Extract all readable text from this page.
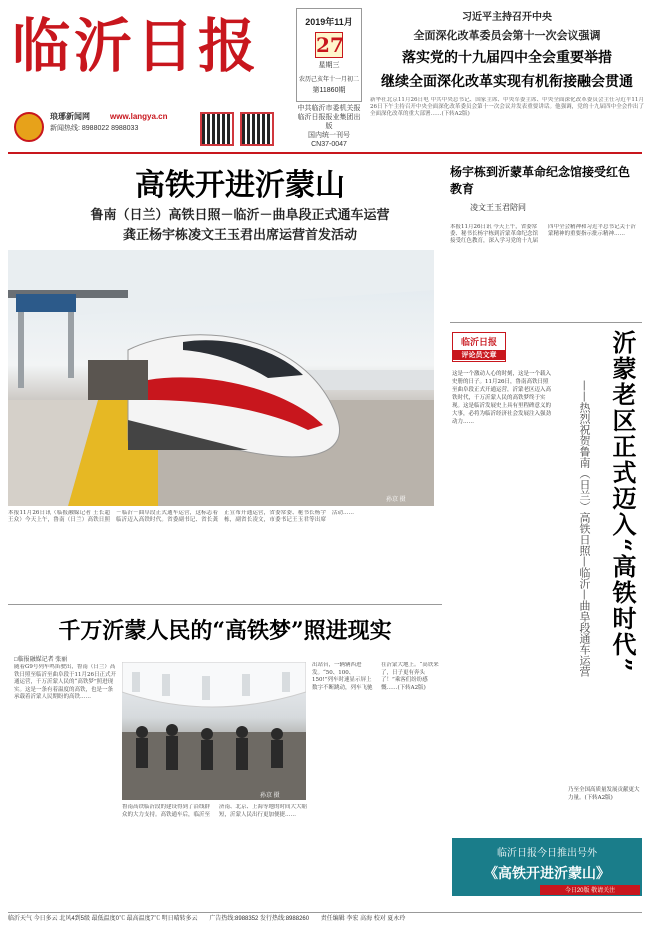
临沂日报
琅琊新闻网	www.langya.cn
新闻热线: 8988022 8988033
2019年11月
27
星期三
农历己亥年十一月初二
第11860期
中共临沂市委机关报
临沂日报报业集团出版
国内统一刊号
CN37-0047
习近平主持召开中央
全面深化改革委员会第十一次会议强调
落实党的十九届四中全会重要举措
继续全面深化改革实现有机衔接融会贯通
新华社北京11月26日电 中共中央总书记、国家主席、中央军委主席、中央全面深化改革委员会主任习近平11月26日下午主持召开中央全面深化改革委员会第十一次会议并发表重要讲话。他强调，党的十九届四中全会作出了全面深化改革的重大部署……(下转A2版)
高铁开进沂蒙山
鲁南（日兰）高铁日照－临沂－曲阜段正式通车运营
龚正杨宇栋凌文王玉君出席运营首发活动
孙京 摄
本报11月26日讯（临报融媒记者 王长超 王众）今天上午，鲁南（日兰）高铁日照－临沂－曲阜段正式通车运营，这标志着临沂迈入高铁时代。省委副书记、省长龚正宣布开通运营，省委常委、秘书长杨宇栋，副省长凌文，市委书记王玉君等出席活动……
杨宇栋到沂蒙革命纪念馆接受红色教育
凌文王玉君陪同
本报11月26日讯 今天上午，省委常委、秘书长杨宇栋到沂蒙革命纪念馆接受红色教育，深入学习党的十九届四中全会精神和习近平总书记关于沂蒙精神的重要指示批示精神……
临沂日报
评论员文章	沂蒙老区正式迈入“高铁时代”
——热烈祝贺鲁南（日兰）高铁日照—临沂—曲阜段通车运营
这是一个激动人心的时刻，这是一个载入史册的日子。11月26日，鲁南高铁日照至曲阜段正式开通运营，沂蒙老区迈入高铁时代，千万沂蒙人民的高铁梦终于实现。这是临沂发展史上具有里程碑意义的大事，必将为临沂经济社会发展注入强劲动力……
乃至全国高质量发展贡献更大力量。(下转A2版)
临沂日报今日推出号外
《高铁开进沂蒙山》
今日20版 敬请关注
千万沂蒙人民的“高铁梦”照进现实
□临报融媒记者 张丽
随着G9号列车鸣笛驶出，鲁南（日兰）高铁日照至临沂至曲阜段于11月26日正式开通运营，千万沂蒙人民的“高铁梦”照进现实。这是一条有着温度的高铁，也是一条承载着沂蒙人民期盼的高铁……
孙京 摄
鲁南高铁临沂段的建设得到了沿线群众的大力支持。高铁通车后，临沂至济南、北京、上海等地的时间大大缩短，沂蒙人民出行更加便捷……
出站台，一辆辆西进发。“50、100、150!”列车时速显示屏上数字不断跳动，列车飞驰在沂蒙大地上。“高铁来了，日子更有奔头了！”乘客们纷纷感慨……(下转A2版)
临沂天气 今日多云 北风4到5级 最低温度0℃ 最高温度7℃ 明日晴转多云 广告热线:8988352 发行热线:8988260 责任编辑 李宏 高海 校对 夏永玲
